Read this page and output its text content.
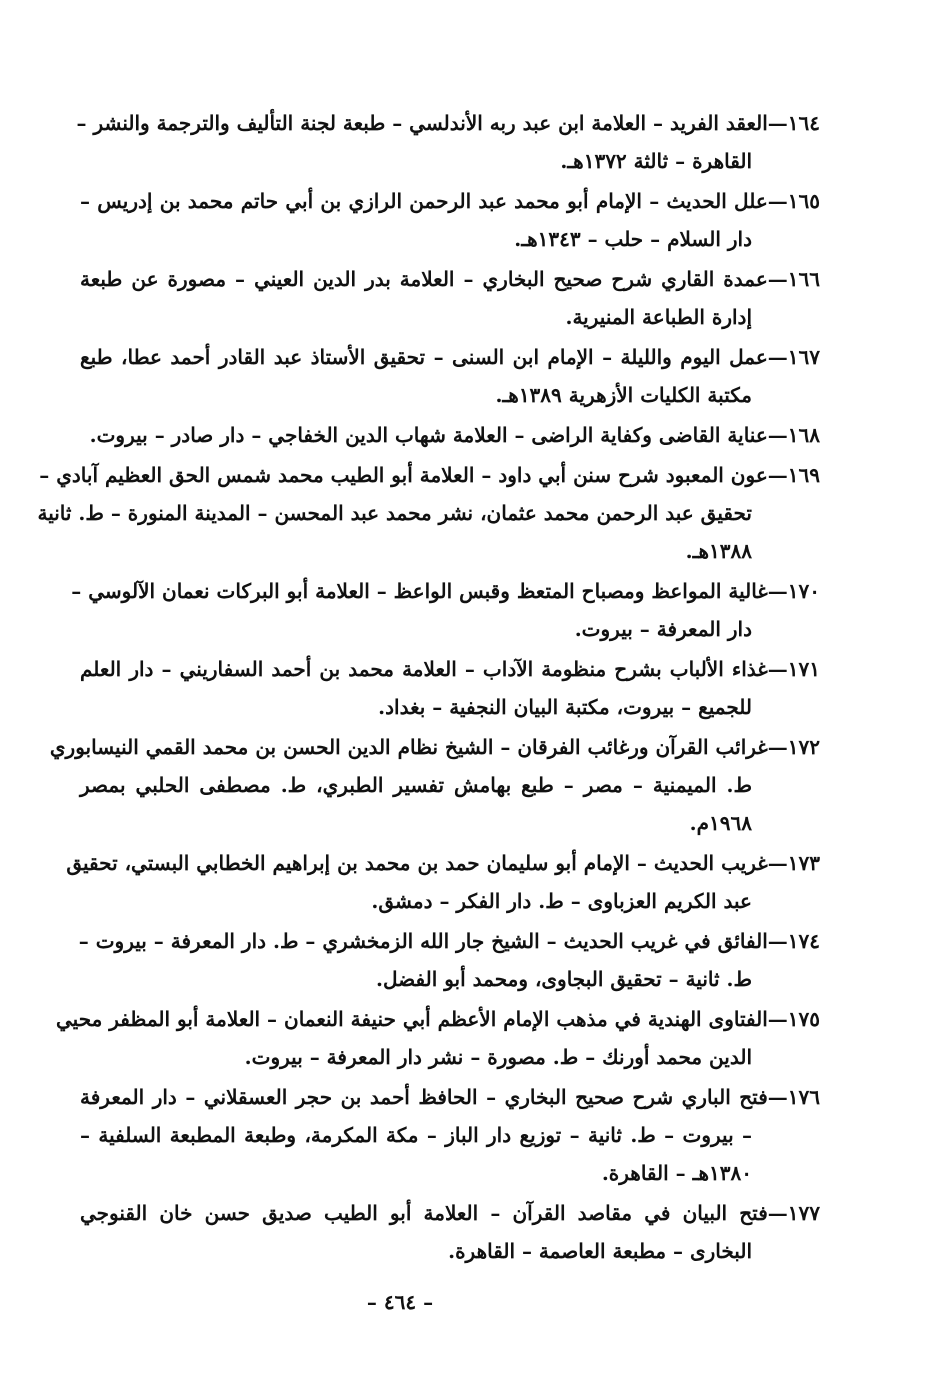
١٦٤—العقد الفريد – العلامة ابن عبد ربه الأندلسي – طبعة لجنة التأليف والترجمة والنشر –
القاهرة – ثالثة ١٣٧٢هـ.
١٦٥—علل الحديث – الإمام أبو محمد عبد الرحمن الرازي بن أبي حاتم محمد بن إدريس –
دار السلام – حلب – ١٣٤٣هـ.
١٦٦—عمدة القاري شرح صحيح البخاري – العلامة بدر الدين العيني – مصورة عن طبعة
إدارة الطباعة المنيرية.
١٦٧—عمل اليوم والليلة – الإمام ابن السنى – تحقيق الأستاذ عبد القادر أحمد عطا، طبع
مكتبة الكليات الأزهرية ١٣٨٩هـ.
١٦٨—عناية القاضى وكفاية الراضى – العلامة شهاب الدين الخفاجي – دار صادر – بيروت.
١٦٩—عون المعبود شرح سنن أبي داود – العلامة أبو الطيب محمد شمس الحق العظيم آبادي –
تحقيق عبد الرحمن محمد عثمان، نشر محمد عبد المحسن – المدينة المنورة – ط. ثانية
١٣٨٨هـ.
١٧٠—غالية المواعظ ومصباح المتعظ وقبس الواعظ – العلامة أبو البركات نعمان الآلوسي –
دار المعرفة – بيروت.
١٧١—غذاء الألباب بشرح منظومة الآداب – العلامة محمد بن أحمد السفاريني – دار العلم
للجميع – بيروت، مكتبة البيان النجفية – بغداد.
١٧٢—غرائب القرآن ورغائب الفرقان – الشيخ نظام الدين الحسن بن محمد القمي النيسابوري
ط. الميمنية – مصر – طبع بهامش تفسير الطبري، ط. مصطفى الحلبي بمصر
١٩٦٨م.
١٧٣—غريب الحديث – الإمام أبو سليمان حمد بن محمد بن إبراهيم الخطابي البستي، تحقيق
عبد الكريم العزباوى – ط. دار الفكر – دمشق.
١٧٤—الفائق في غريب الحديث – الشيخ جار الله الزمخشري – ط. دار المعرفة – بيروت –
ط. ثانية – تحقيق البجاوى، ومحمد أبو الفضل.
١٧٥—الفتاوى الهندية في مذهب الإمام الأعظم أبي حنيفة النعمان – العلامة أبو المظفر محيي
الدين محمد أورنك – ط. مصورة – نشر دار المعرفة – بيروت.
١٧٦—فتح الباري شرح صحيح البخاري – الحافظ أحمد بن حجر العسقلاني – دار المعرفة
– بيروت – ط. ثانية – توزيع دار الباز – مكة المكرمة، وطبعة المطبعة السلفية –
١٣٨٠هـ – القاهرة.
١٧٧—فتح البيان في مقاصد القرآن – العلامة أبو الطيب صديق حسن خان القنوجي
البخارى – مطبعة العاصمة – القاهرة.
– ٤٦٤ –
